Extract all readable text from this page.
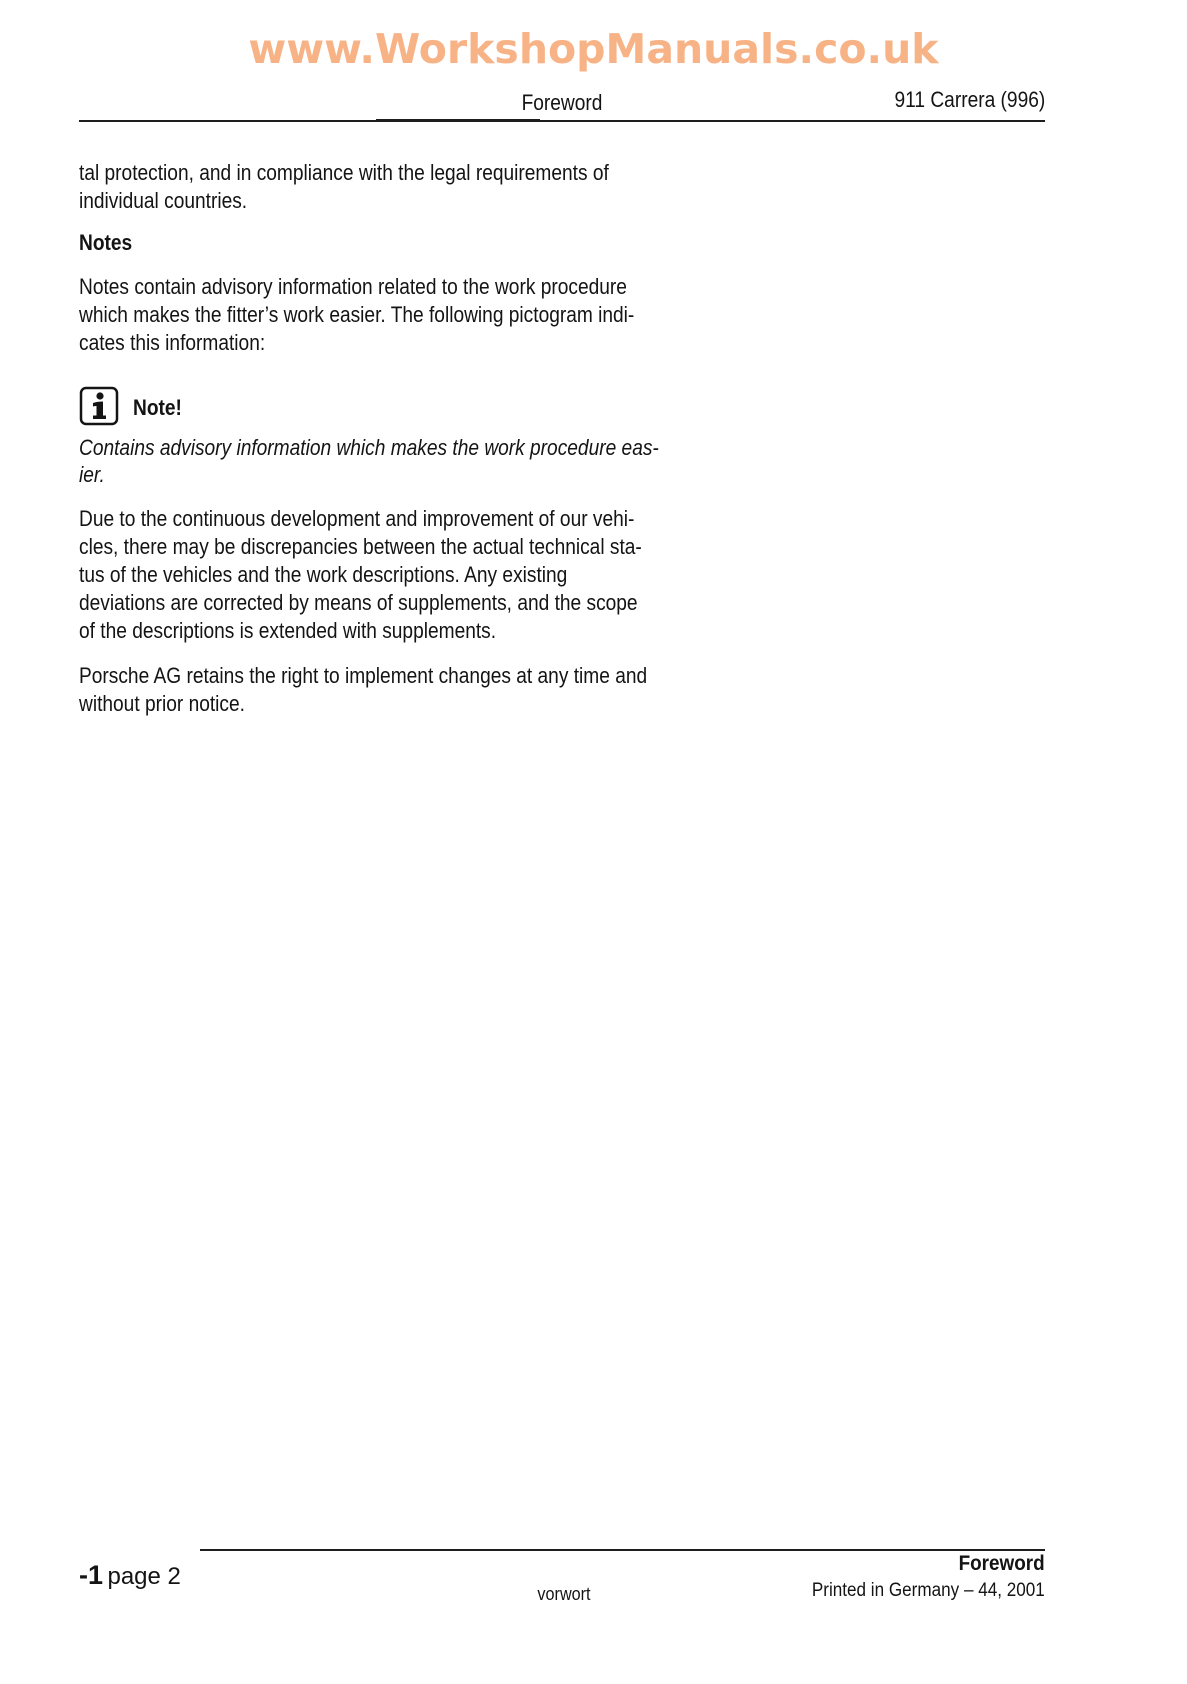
www.WorkshopManuals.co.uk
Foreword	911 Carrera (996)
tal protection, and in compliance with the legal requirements of
individual countries.
Notes
Notes contain advisory information related to the work procedure
which makes the fitter’s work easier. The following pictogram indi-
cates this information:
Note!
Contains advisory information which makes the work procedure eas-
ier.
Due to the continuous development and improvement of our vehi-
cles, there may be discrepancies between the actual technical sta-
tus of the vehicles and the work descriptions. Any existing
deviations are corrected by means of supplements, and the scope
of the descriptions is extended with supplements.
Porsche AG retains the right to implement changes at any time and
without prior notice.
-1 page 2
vorwort
Foreword
Printed in Germany – 44, 2001
